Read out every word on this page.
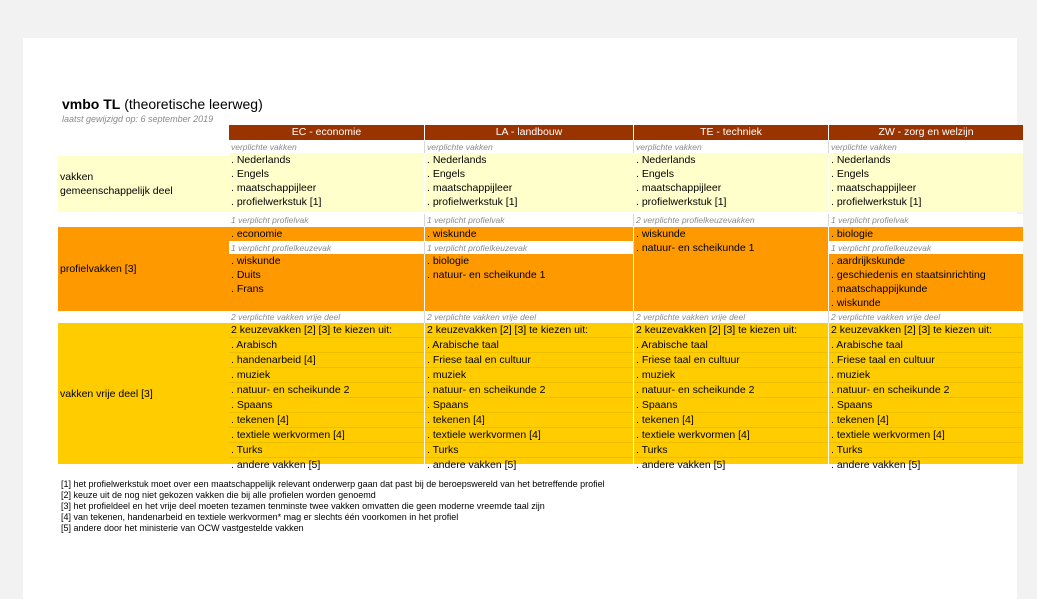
vmbo TL (theoretische leerweg)
laatst gewijzigd op: 6 september 2019
vakken
gemeenschappelijk deel
profielvakken [3]
vakken vrije deel [3]
EC - economie
verplichte vakken
. Nederlands
. Engels
. maatschappijleer
. profielwerkstuk [1]
1 verplicht profielvak
. economie
1 verplicht profielkeuzevak
. wiskunde
. Duits
. Frans
2 verplichte vakken vrije deel
2 keuzevakken [2] [3] te kiezen uit:
. Arabisch
. handenarbeid [4]
. muziek
. natuur- en scheikunde 2
. Spaans
. tekenen [4]
. textiele werkvormen [4]
. Turks
. andere vakken [5]
LA - landbouw
verplichte vakken
. Nederlands
. Engels
. maatschappijleer
. profielwerkstuk [1]
1 verplicht profielvak
. wiskunde
1 verplicht profielkeuzevak
. biologie
. natuur- en scheikunde 1
2 verplichte vakken vrije deel
2 keuzevakken [2] [3] te kiezen uit:
. Arabische taal
. Friese taal en cultuur
. muziek
. natuur- en scheikunde 2
. Spaans
. tekenen [4]
. textiele werkvormen [4]
. Turks
. andere vakken [5]
TE - techniek
verplichte vakken
. Nederlands
. Engels
. maatschappijleer
. profielwerkstuk [1]
2 verplichte profielkeuzevakken
. wiskunde
. natuur- en scheikunde 1
2 verplichte vakken vrije deel
2 keuzevakken [2] [3] te kiezen uit:
. Arabische taal
. Friese taal en cultuur
. muziek
. natuur- en scheikunde 2
. Spaans
. tekenen [4]
. textiele werkvormen [4]
. Turks
. andere vakken [5]
ZW - zorg en welzijn
verplichte vakken
. Nederlands
. Engels
. maatschappijleer
. profielwerkstuk [1]
1 verplicht profielvak
. biologie
1 verplicht profielkeuzevak
. aardrijkskunde
. geschiedenis en staatsinrichting
. maatschappijkunde
. wiskunde
2 verplichte vakken vrije deel
2 keuzevakken [2] [3] te kiezen uit:
. Arabische taal
. Friese taal en cultuur
. muziek
. natuur- en scheikunde 2
. Spaans
. tekenen [4]
. textiele werkvormen [4]
. Turks
. andere vakken [5]
[1] het profielwerkstuk moet over een maatschappelijk relevant onderwerp gaan dat past bij de beroepswereld van het betreffende profiel
[2] keuze uit de nog niet gekozen vakken die bij alle profielen worden genoemd
[3] het profieldeel en het vrije deel moeten tezamen tenminste twee vakken omvatten die geen moderne vreemde taal zijn
[4] van tekenen, handenarbeid en textiele werkvormen* mag er slechts één voorkomen in het profiel
[5] andere door het ministerie van OCW vastgestelde vakken
